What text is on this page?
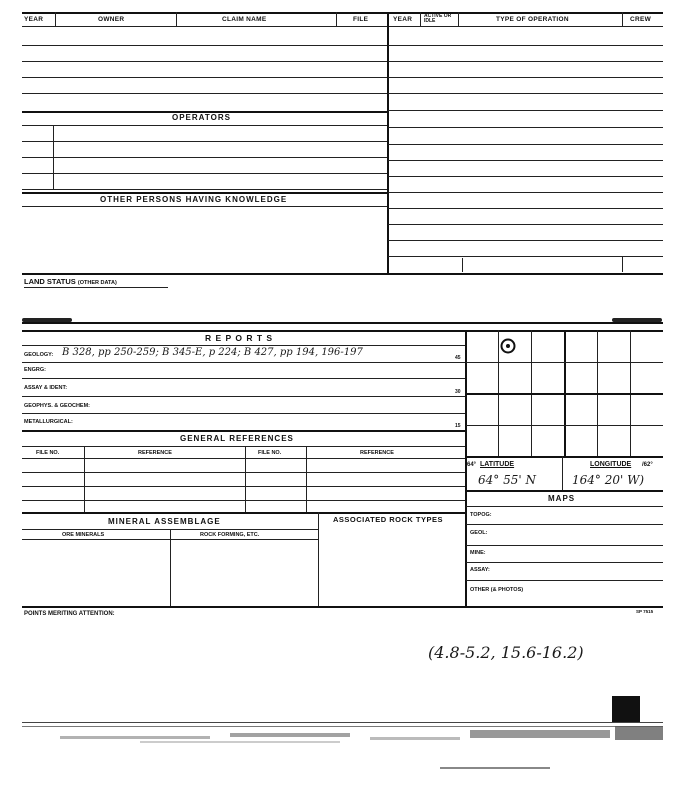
YEAR	OWNER	CLAIM NAME	FILE	YEAR ACTIVE OR IDLE	TYPE OF OPERATION	CREW
OPERATORS
OTHER PERSONS HAVING KNOWLEDGE
LAND STATUS (OTHER DATA)
R E P O R T S
GEOLOGY: B 328, pp 250-259; B 345-E, p 224; B 427, pp 194, 196-197	45
ENGRG:
ASSAY & IDENT:
30
GEOPHYS. & GEOCHEM:
METALLURGICAL:
15
GENERAL REFERENCES
FILE NO.	REFERENCE	FILE NO.	REFERENCE
MINERAL ASSEMBLAGE	ASSOCIATED ROCK TYPES
ORE MINERALS	ROCK FORMING, ETC.
64° LATITUDE	LONGITUDE /62°
64° 55' N	164° 20' W)
MAPS
TOPOG:
GEOL:
MINE:
ASSAY:
OTHER (& PHOTOS)
POINTS MERITING ATTENTION:	SP 7515
(4.8-5.2, 15.6-16.2)
